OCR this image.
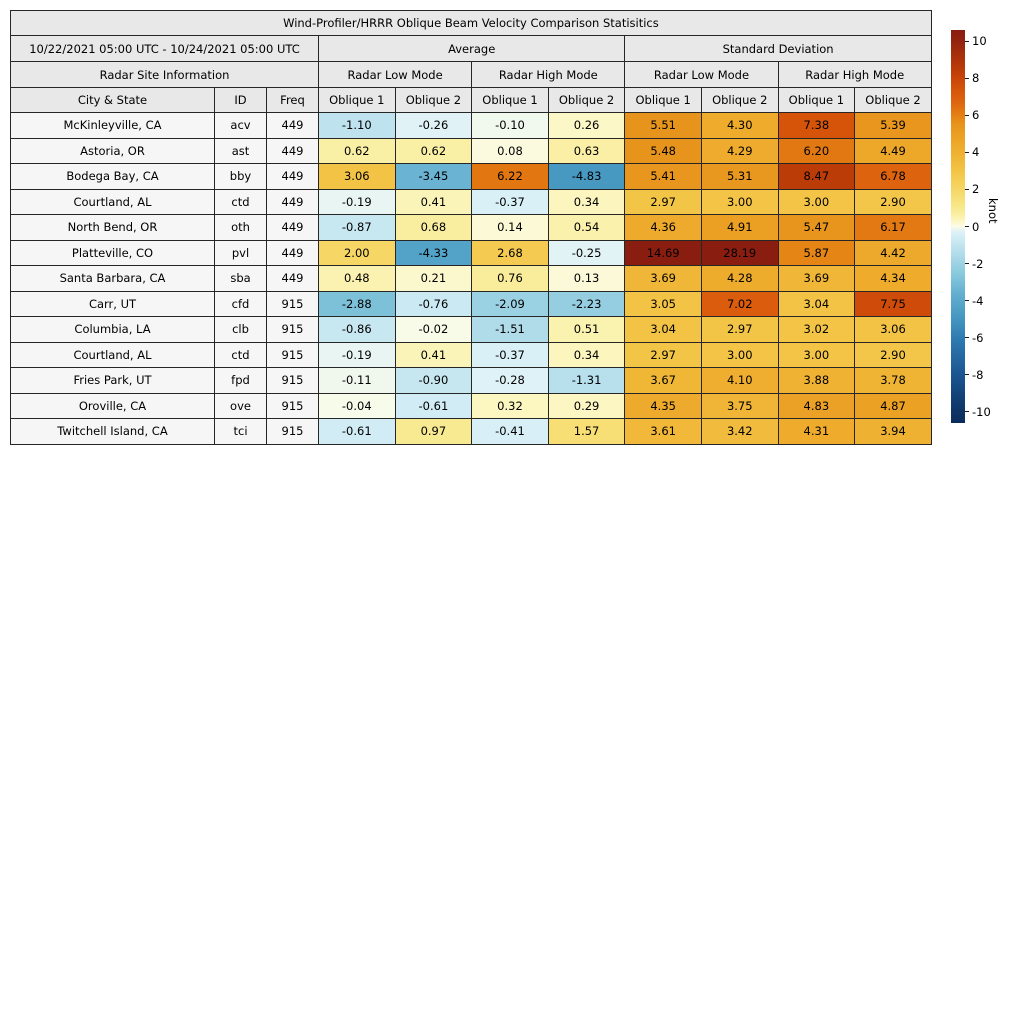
Wind-Profiler/HRRR Oblique Beam Velocity Comparison Statisitics										
10/22/2021 05:00 UTC - 10/24/2021 05:00 UTC			Average				Standard Deviation			
Radar Site Information			Radar Low Mode		Radar High Mode		Radar Low Mode		Radar High Mode	
City & State	ID	Freq	Oblique 1	Oblique 2	Oblique 1	Oblique 2	Oblique 1	Oblique 2	Oblique 1	Oblique 2
McKinleyville, CA	acv	449	-1.10	-0.26	-0.10	0.26	5.51	4.30	7.38	5.39
Astoria, OR	ast	449	0.62	0.62	0.08	0.63	5.48	4.29	6.20	4.49
Bodega Bay, CA	bby	449	3.06	-3.45	6.22	-4.83	5.41	5.31	8.47	6.78
Courtland, AL	ctd	449	-0.19	0.41	-0.37	0.34	2.97	3.00	3.00	2.90
North Bend, OR	oth	449	-0.87	0.68	0.14	0.54	4.36	4.91	5.47	6.17
Platteville, CO	pvl	449	2.00	-4.33	2.68	-0.25	14.69	28.19	5.87	4.42
Santa Barbara, CA	sba	449	0.48	0.21	0.76	0.13	3.69	4.28	3.69	4.34
Carr, UT	cfd	915	-2.88	-0.76	-2.09	-2.23	3.05	7.02	3.04	7.75
Columbia, LA	clb	915	-0.86	-0.02	-1.51	0.51	3.04	2.97	3.02	3.06
Courtland, AL	ctd	915	-0.19	0.41	-0.37	0.34	2.97	3.00	3.00	2.90
Fries Park, UT	fpd	915	-0.11	-0.90	-0.28	-1.31	3.67	4.10	3.88	3.78
Oroville, CA	ove	915	-0.04	-0.61	0.32	0.29	4.35	3.75	4.83	4.87
Twitchell Island, CA	tci	915	-0.61	0.97	-0.41	1.57	3.61	3.42	4.31	3.94
10
8
6
4
2
0
-2
-4
-6
-8
-10
knot
